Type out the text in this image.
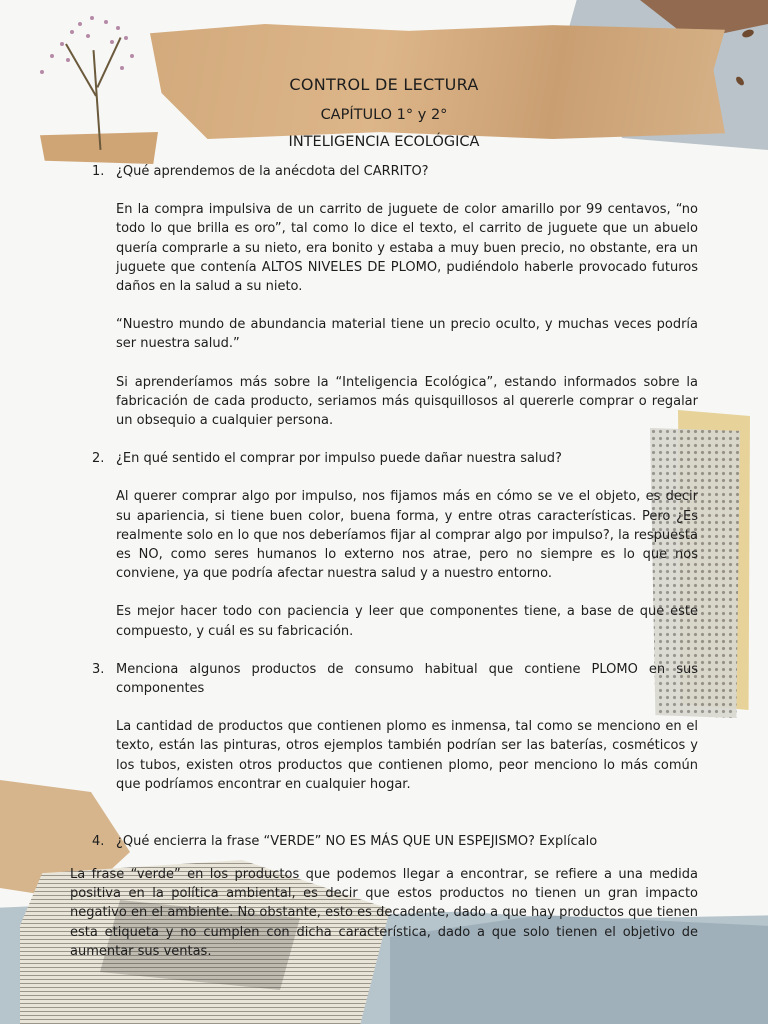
CONTROL DE LECTURA
CAPÍTULO 1° y 2°
INTELIGENCIA ECOLÓGICA
1. ¿Qué aprendemos de la anécdota del CARRITO?
En la compra impulsiva de un carrito de juguete de color amarillo por 99 centavos, “no todo lo que brilla es oro”, tal como lo dice el texto, el carrito de juguete que un abuelo quería comprarle a su nieto, era bonito y estaba a muy buen precio, no obstante, era un juguete que contenía ALTOS NIVELES DE PLOMO, pudiéndolo haberle provocado futuros daños en la salud a su nieto.
“Nuestro mundo de abundancia material tiene un precio oculto, y muchas veces podría ser nuestra salud.”
Si aprenderíamos más sobre la “Inteligencia Ecológica”, estando informados sobre la fabricación de cada producto, seriamos más quisquillosos al quererle comprar o regalar un obsequio a cualquier persona.
2. ¿En qué sentido el comprar por impulso puede dañar nuestra salud?
Al querer comprar algo por impulso, nos fijamos más en cómo se ve el objeto, es decir su apariencia, si tiene buen color, buena forma, y entre otras características. Pero ¿Es realmente solo en lo que nos deberíamos fijar al comprar algo por impulso?, la respuesta es NO, como seres humanos lo externo nos atrae, pero no siempre es lo que nos conviene, ya que podría afectar nuestra salud y a nuestro entorno.
Es mejor hacer todo con paciencia y leer que componentes tiene, a base de que este compuesto, y cuál es su fabricación.
3. Menciona algunos productos de consumo habitual que contiene PLOMO en sus componentes
La cantidad de productos que contienen plomo es inmensa, tal como se menciono en el texto, están las pinturas, otros ejemplos también podrían ser las baterías, cosméticos y los tubos, existen otros productos que contienen plomo, peor menciono lo más común que podríamos encontrar en cualquier hogar.
4. ¿Qué encierra la frase “VERDE” NO ES MÁS QUE UN ESPEJISMO? Explícalo
La frase “verde” en los productos que podemos llegar a encontrar, se refiere a una medida positiva en la política ambiental, es decir que estos productos no tienen un gran impacto negativo en el ambiente. No obstante, esto es decadente, dado a que hay productos que tienen esta etiqueta y no cumplen con dicha característica, dado a que solo tienen el objetivo de aumentar sus ventas.
